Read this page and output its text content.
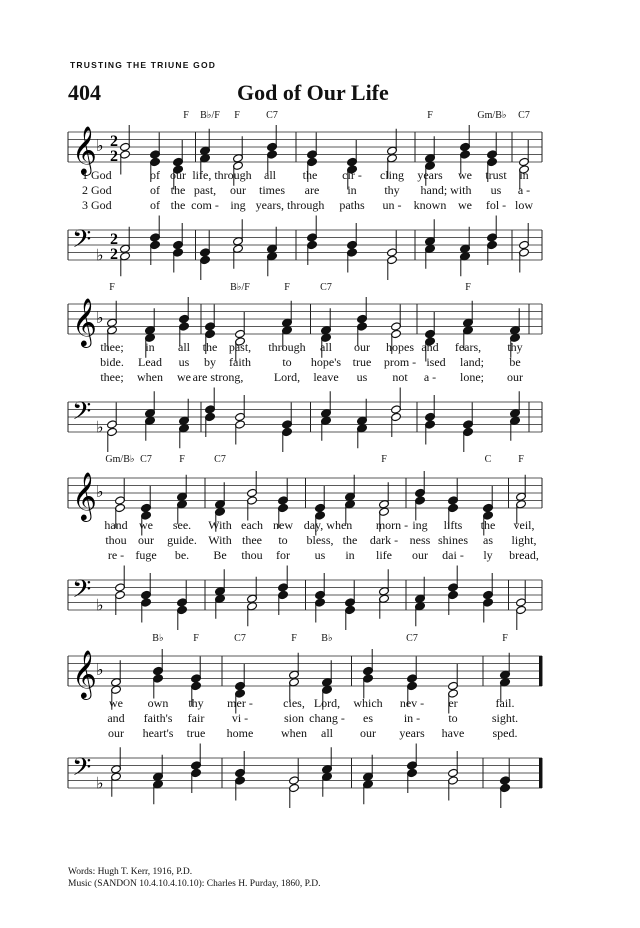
TRUSTING THE TRIUNE GOD
404	God of Our Life
F B♭/F F	C7	F	Gm/B♭ C7
𝄞 ♭ 2
2
1 God	of our life, through all the cir - cling years we trust in
2 God	of the past, our times are in thy hand; with us a -
3 God	of the com - ing years, through paths un - known we fol - low
𝄢 ♭
2
2
F	B♭/F	F	C7	F
𝄞 ♭
thee; in all the past, through all our hopes and fears, thy
bide. Lead us by faith	to hope's true prom - ised land; be
thee; when we are strong,	Lord, leave us not a - lone; our
𝄢 ♭
Gm/B♭ C7	F	C7	F	C	F
𝄞 ♭
hand we see. With each new day, when morn - ing lifts the veil,
thou our guide. With thee to bless, the dark - ness shines as light,
re - fuge be. Be thou for us in life our dai - ly bread,
𝄢 ♭
B♭	F	C7	F B♭	C7	F
𝄞 ♭
we own thy mer -	cies, Lord, which nev - er	fail.
and faith's fair vi -	sion chang - es	in - to	sight.
our heart's true home when all our years have sped.
𝄢 ♭
Words: Hugh T. Kerr, 1916, P.D.
Music (SANDON 10.4.10.4.10.10): Charles H. Purday, 1860, P.D.
